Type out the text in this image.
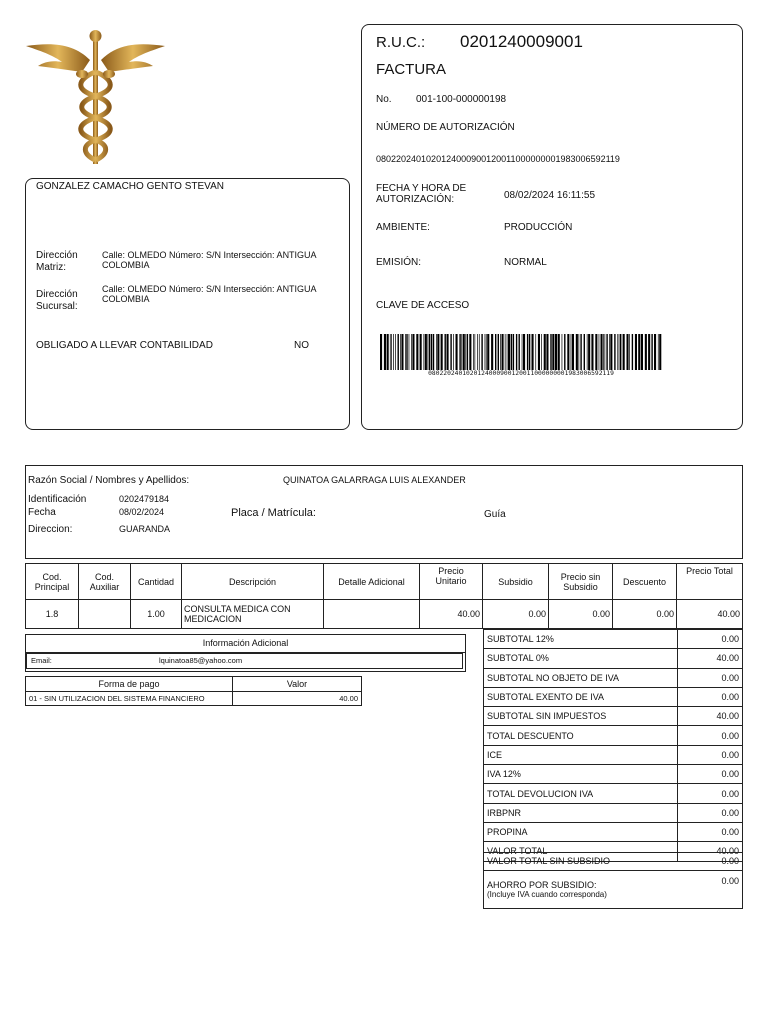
GONZALEZ CAMACHO GENTO STEVAN
Dirección Matriz:
Calle: OLMEDO Número: S/N Intersección: ANTIGUA COLOMBIA
Dirección Sucursal:
Calle: OLMEDO Número: S/N Intersección: ANTIGUA COLOMBIA
OBLIGADO A LLEVAR CONTABILIDAD	NO
R.U.C.: 0201240009001
FACTURA
No. 001-100-000000198
NÚMERO DE AUTORIZACIÓN
0802202401020124000900120011000000001983006592119
FECHA Y HORA DE AUTORIZACIÓN:	08/02/2024 16:11:55
AMBIENTE:	PRODUCCIÓN
EMISIÓN:	NORMAL
CLAVE DE ACCESO
0802202401020124000900120011000000001983006592119
Razón Social / Nombres y Apellidos:	QUINATOA GALARRAGA LUIS ALEXANDER
Identificación	0202479184
Fecha	08/02/2024	Placa / Matrícula:	Guía
Direccion:	GUARANDA
Cod. Principal	Cod. Auxiliar	Cantidad	Descripción	Detalle Adicional	Precio Unitario	Subsidio	Precio sin Subsidio	Descuento	Precio Total
1.8		1.00	CONSULTA MEDICA CON MEDICACION		40.00	0.00	0.00	0.00	40.00
Información Adicional
Email:	lquinatoa85@yahoo.com
Forma de pago	Valor
01 - SIN UTILIZACION DEL SISTEMA FINANCIERO	40.00
SUBTOTAL 12%	0.00
SUBTOTAL 0%	40.00
SUBTOTAL NO OBJETO DE IVA	0.00
SUBTOTAL EXENTO DE IVA	0.00
SUBTOTAL SIN IMPUESTOS	40.00
TOTAL DESCUENTO	0.00
ICE	0.00
IVA 12%	0.00
TOTAL DEVOLUCION IVA	0.00
IRBPNR	0.00
PROPINA	0.00
VALOR TOTAL	40.00
VALOR TOTAL SIN SUBSIDIO	0.00
AHORRO POR SUBSIDIO:
(Incluye IVA cuando corresponda)
0.00
